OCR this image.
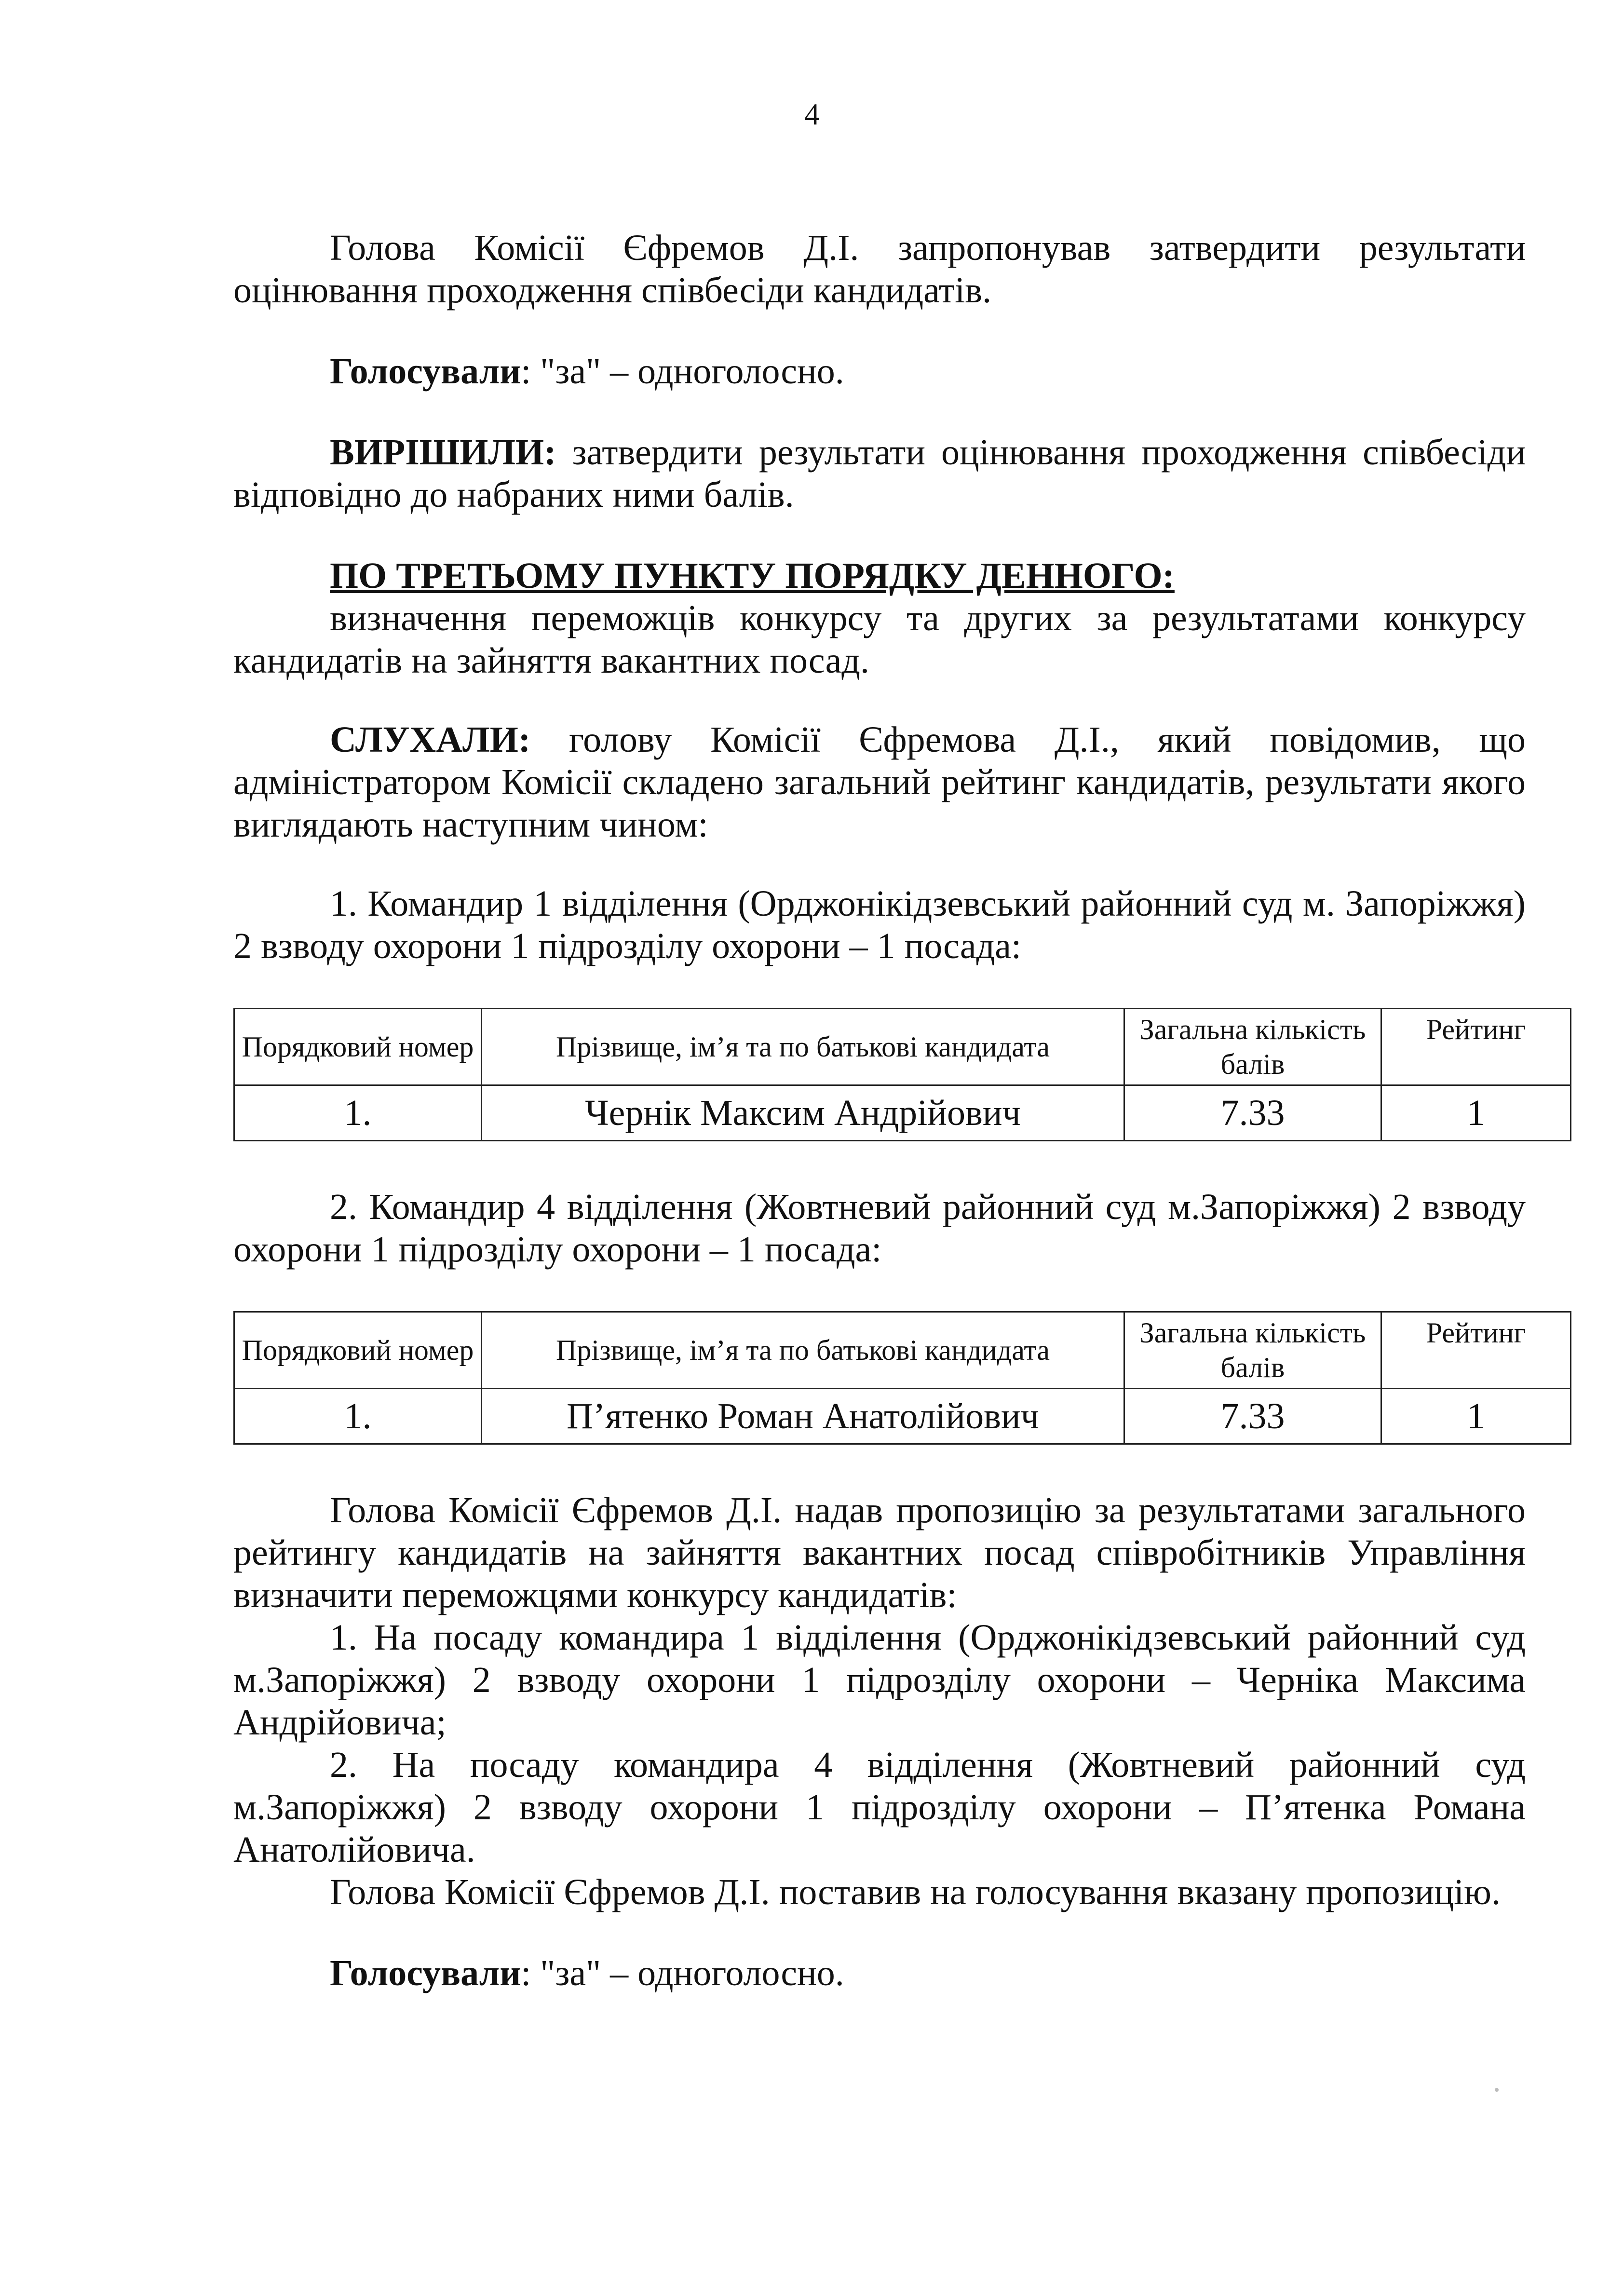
4

Голова Комісії Єфремов Д.І. запропонував затвердити результати оцінювання проходження співбесіди кандидатів.

Голосували: "за" – одноголосно.

ВИРІШИЛИ: затвердити результати оцінювання проходження співбесіди відповідно до набраних ними балів.

ПО ТРЕТЬОМУ ПУНКТУ ПОРЯДКУ ДЕННОГО:

визначення переможців конкурсу та других за результатами конкурсу кандидатів на зайняття вакантних посад.

СЛУХАЛИ: голову Комісії Єфремова Д.І., який повідомив, що адміністратором Комісії складено загальний рейтинг кандидатів, результати якого виглядають наступним чином:

1. Командир 1 відділення (Орджонікідзевський районний суд м. Запоріжжя) 2 взводу охорони 1 підрозділу охорони – 1 посада:

Порядковий номер	Прізвище, ім’я та по батькові кандидата	Загальна кількість балів	Рейтинг
1.	Чернік Максим Андрійович	7.33	1

2. Командир 4 відділення (Жовтневий районний суд м.Запоріжжя) 2 взводу охорони 1 підрозділу охорони – 1 посада:

Порядковий номер	Прізвище, ім’я та по батькові кандидата	Загальна кількість балів	Рейтинг
1.	П’ятенко Роман Анатолійович	7.33	1

Голова Комісії Єфремов Д.І. надав пропозицію за результатами загального рейтингу кандидатів на зайняття вакантних посад співробітників Управління визначити переможцями конкурсу кандидатів:

1. На посаду командира 1 відділення (Орджонікідзевський районний суд м.Запоріжжя) 2 взводу охорони 1 підрозділу охорони – Черніка Максима Андрійовича;

2. На посаду командира 4 відділення (Жовтневий районний суд м.Запоріжжя) 2 взводу охорони 1 підрозділу охорони – П’ятенка Романа Анатолійовича.

Голова Комісії Єфремов Д.І. поставив на голосування вказану пропозицію.

Голосували: "за" – одноголосно.
